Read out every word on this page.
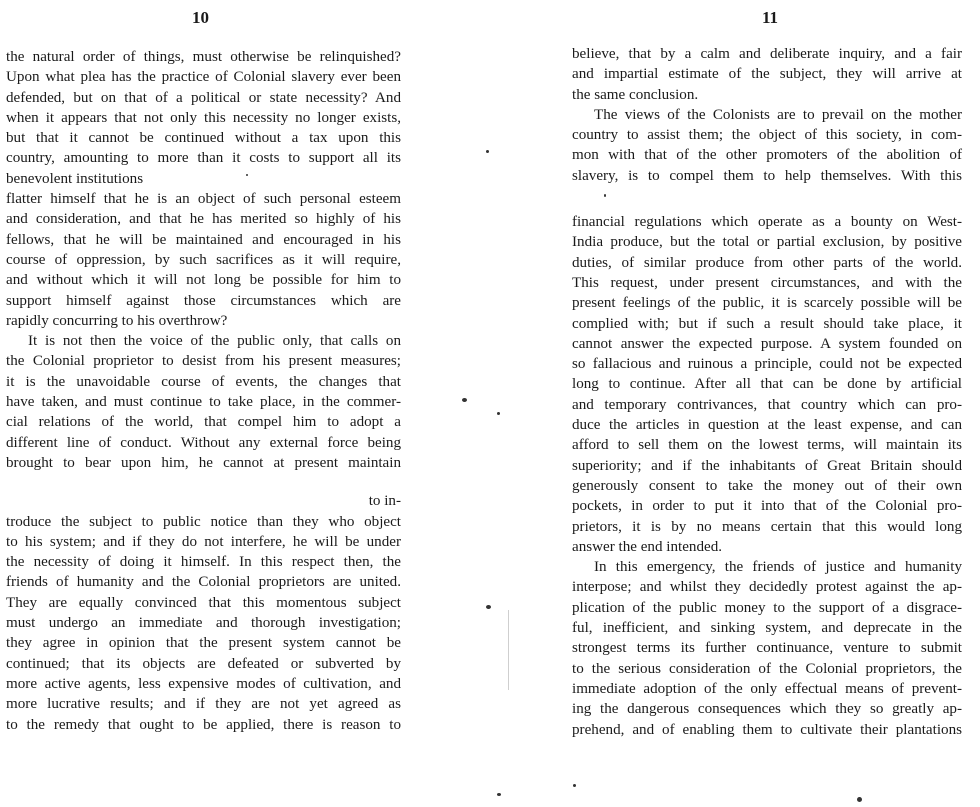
10
the natural order of things, must otherwise be relinquished?
Upon what plea has the practice of Colonial slavery ever been
defended, but on that of a political or state necessity? And
when it appears that not only this necessity no longer exists,
but that it cannot be continued without a tax upon this
country, amounting to more than it costs to support all its
benevolent institutions
flatter himself that he is an object of such personal esteem
and consideration, and that he has merited so highly of his
fellows, that he will be maintained and encouraged in his
course of oppression, by such sacrifices as it will require,
and without which it will not long be possible for him to
support himself against those circumstances which are
rapidly concurring to his overthrow?
It is not then the voice of the public only, that calls on
the Colonial proprietor to desist from his present measures;
it is the unavoidable course of events, the changes that
have taken, and must continue to take place, in the commer-
cial relations of the world, that compel him to adopt a
different line of conduct. Without any external force being
brought to bear upon him, he cannot at present maintain
to in-
troduce the subject to public notice than they who object
to his system; and if they do not interfere, he will be under
the necessity of doing it himself. In this respect then, the
friends of humanity and the Colonial proprietors are united.
They are equally convinced that this momentous subject
must undergo an immediate and thorough investigation;
they agree in opinion that the present system cannot be
continued; that its objects are defeated or subverted by
more active agents, less expensive modes of cultivation, and
more lucrative results; and if they are not yet agreed as
to the remedy that ought to be applied, there is reason to
11
believe, that by a calm and deliberate inquiry, and a fair
and impartial estimate of the subject, they will arrive at
the same conclusion.
The views of the Colonists are to prevail on the mother
country to assist them; the object of this society, in com-
mon with that of the other promoters of the abolition of
slavery, is to compel them to help themselves. With this
financial regulations which operate as a bounty on West-
India produce, but the total or partial exclusion, by positive
duties, of similar produce from other parts of the world.
This request, under present circumstances, and with the
present feelings of the public, it is scarcely possible will be
complied with; but if such a result should take place, it
cannot answer the expected purpose. A system founded on
so fallacious and ruinous a principle, could not be expected
long to continue. After all that can be done by artificial
and temporary contrivances, that country which can pro-
duce the articles in question at the least expense, and can
afford to sell them on the lowest terms, will maintain its
superiority; and if the inhabitants of Great Britain should
generously consent to take the money out of their own
pockets, in order to put it into that of the Colonial pro-
prietors, it is by no means certain that this would long
answer the end intended.
In this emergency, the friends of justice and humanity
interpose; and whilst they decidedly protest against the ap-
plication of the public money to the support of a disgrace-
ful, inefficient, and sinking system, and deprecate in the
strongest terms its further continuance, venture to submit
to the serious consideration of the Colonial proprietors, the
immediate adoption of the only effectual means of prevent-
ing the dangerous consequences which they so greatly ap-
prehend, and of enabling them to cultivate their plantations
